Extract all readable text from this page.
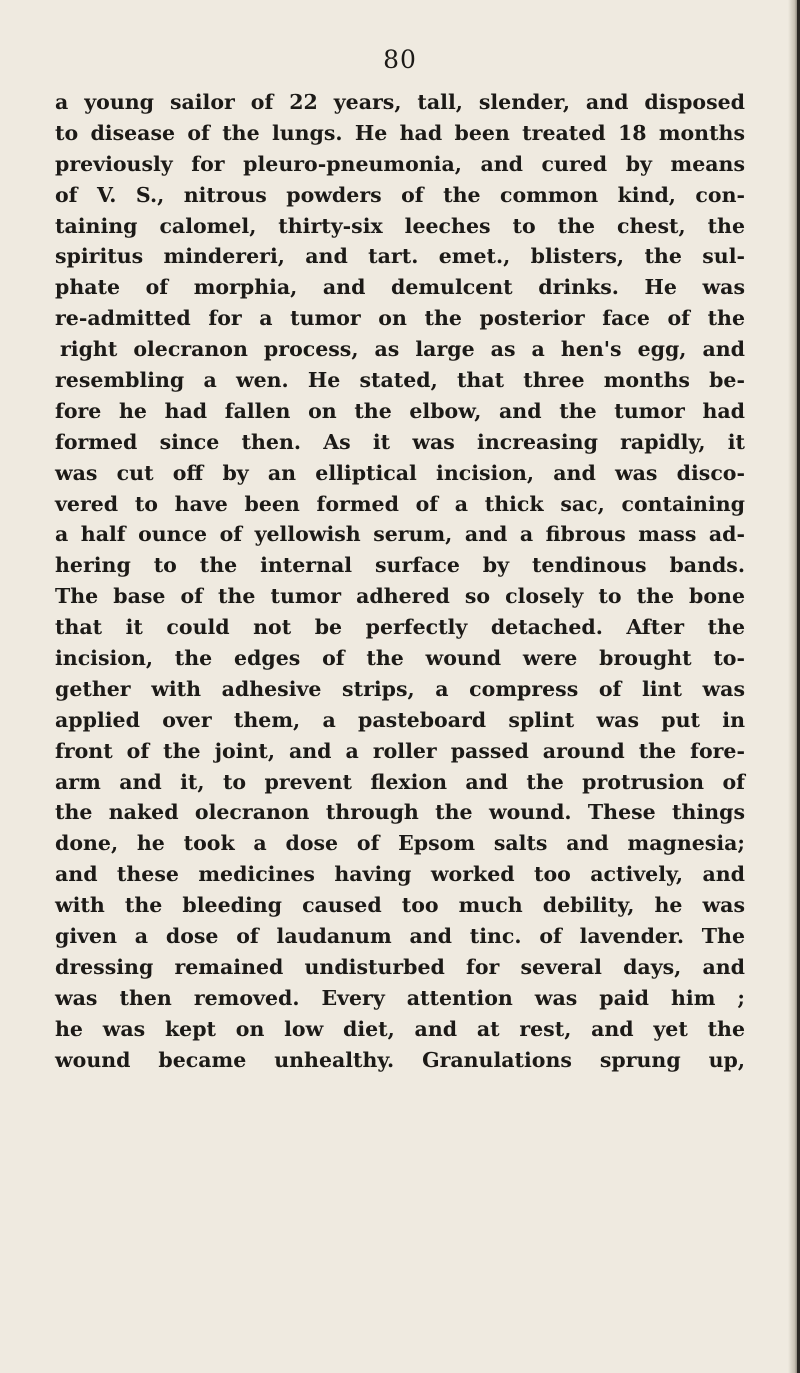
80
a young sailor of 22 years, tall, slender, and disposed
to disease of the lungs. He had been treated 18 months
previously for pleuro-pneumonia, and cured by means
of V. S., nitrous powders of the common kind, con-
taining calomel, thirty-six leeches to the chest, the
spiritus mindereri, and tart. emet., blisters, the sul-
phate of morphia, and demulcent drinks. He was
re-admitted for a tumor on the posterior face of the
right olecranon process, as large as a hen's egg, and
resembling a wen. He stated, that three months be-
fore he had fallen on the elbow, and the tumor had
formed since then. As it was increasing rapidly, it
was cut off by an elliptical incision, and was disco-
vered to have been formed of a thick sac, containing
a half ounce of yellowish serum, and a fibrous mass ad-
hering to the internal surface by tendinous bands.
The base of the tumor adhered so closely to the bone
that it could not be perfectly detached. After the
incision, the edges of the wound were brought to-
gether with adhesive strips, a compress of lint was
applied over them, a pasteboard splint was put in
front of the joint, and a roller passed around the fore-
arm and it, to prevent flexion and the protrusion of
the naked olecranon through the wound. These things
done, he took a dose of Epsom salts and magnesia;
and these medicines having worked too actively, and
with the bleeding caused too much debility, he was
given a dose of laudanum and tinc. of lavender. The
dressing remained undisturbed for several days, and
was then removed. Every attention was paid him ;
he was kept on low diet, and at rest, and yet the
wound became unhealthy. Granulations sprung up,
